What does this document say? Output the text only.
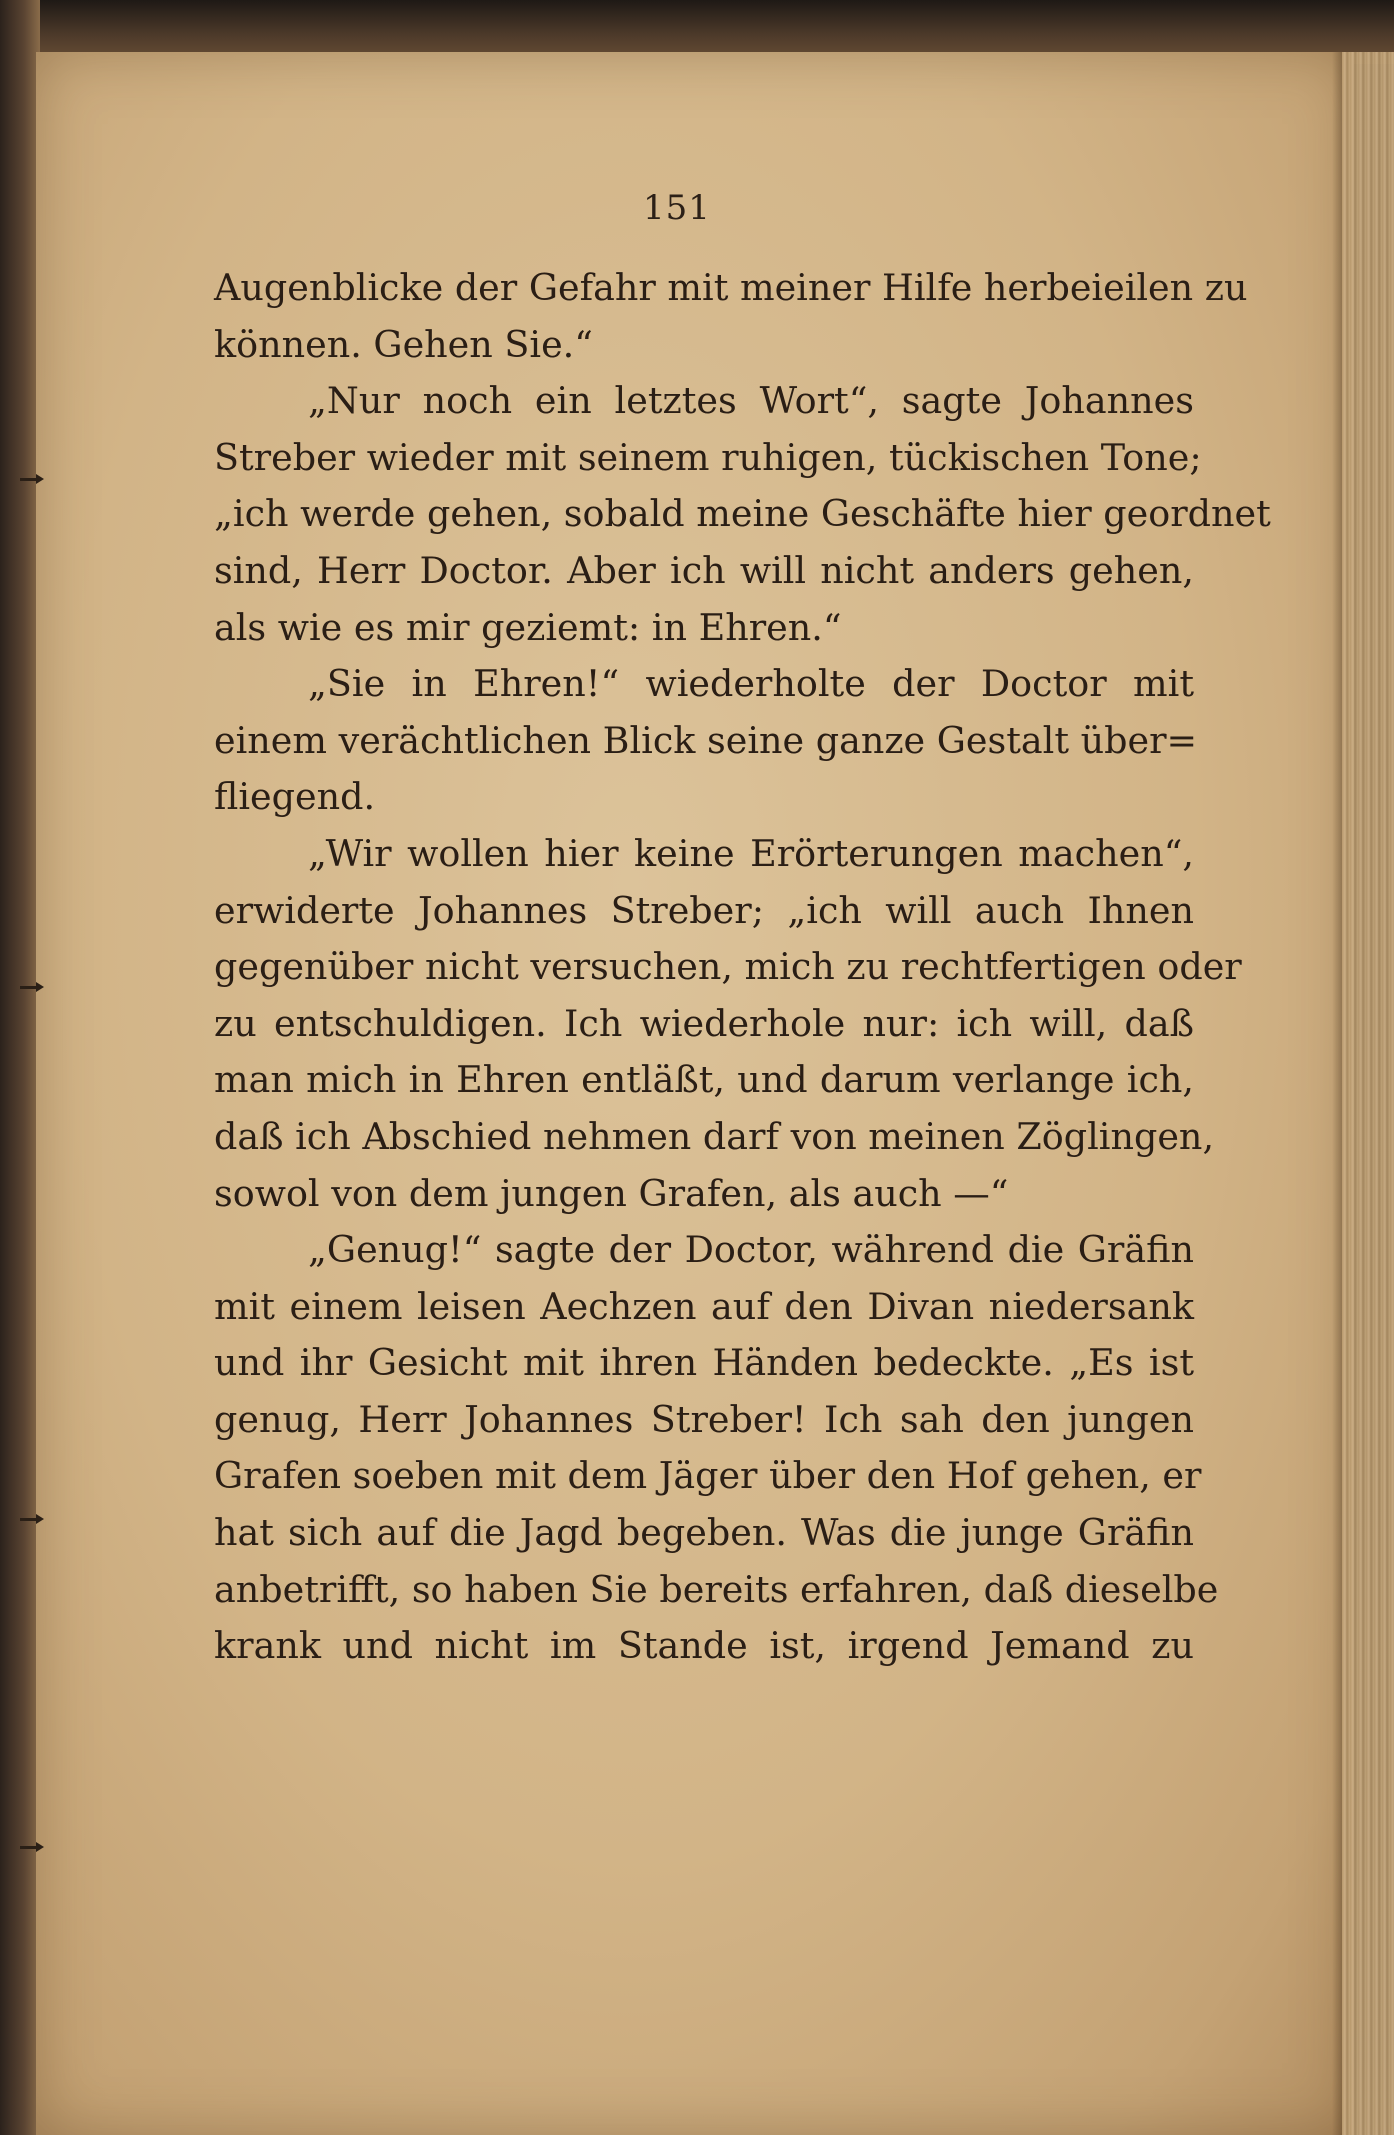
151
Augenblicke der Gefahr mit meiner Hilfe herbeieilen zu
können. Gehen Sie.“
„Nur noch ein letztes Wort“, sagte Johannes
Streber wieder mit seinem ruhigen, tückischen Tone;
„ich werde gehen, sobald meine Geschäfte hier geordnet
sind, Herr Doctor. Aber ich will nicht anders gehen,
als wie es mir geziemt: in Ehren.“
„Sie in Ehren!“ wiederholte der Doctor mit
einem verächtlichen Blick seine ganze Gestalt über=
fliegend.
„Wir wollen hier keine Erörterungen machen“,
erwiderte Johannes Streber; „ich will auch Ihnen
gegenüber nicht versuchen, mich zu rechtfertigen oder
zu entschuldigen. Ich wiederhole nur: ich will, daß
man mich in Ehren entläßt, und darum verlange ich,
daß ich Abschied nehmen darf von meinen Zöglingen,
sowol von dem jungen Grafen, als auch —“
„Genug!“ sagte der Doctor, während die Gräfin
mit einem leisen Aechzen auf den Divan niedersank
und ihr Gesicht mit ihren Händen bedeckte. „Es ist
genug, Herr Johannes Streber! Ich sah den jungen
Grafen soeben mit dem Jäger über den Hof gehen, er
hat sich auf die Jagd begeben. Was die junge Gräfin
anbetrifft, so haben Sie bereits erfahren, daß dieselbe
krank und nicht im Stande ist, irgend Jemand zu
